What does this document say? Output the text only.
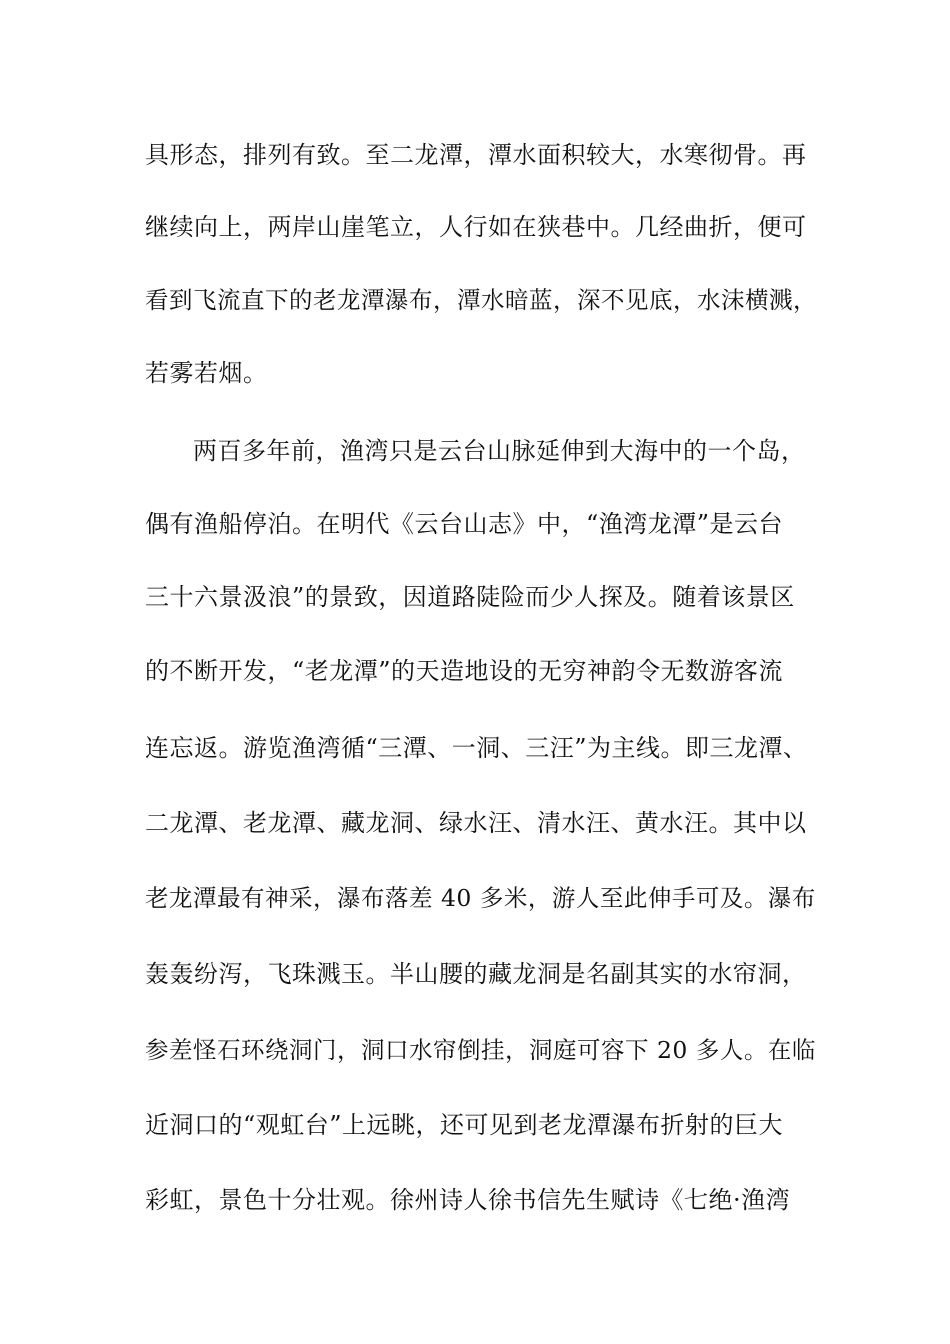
具形态，排列有致。至二龙潭，潭水面积较大，水寒彻骨。再
继续向上，两岸山崖笔立，人行如在狭巷中。几经曲折，便可
看到飞流直下的老龙潭瀑布，潭水暗蓝，深不见底，水沫横溅，
若雾若烟。
两百多年前，渔湾只是云台山脉延伸到大海中的一个岛，
偶有渔船停泊。在明代《云台山志》中，“渔湾龙潭”是云台
三十六景汲浪”的景致，因道路陡险而少人探及。随着该景区
的不断开发，“老龙潭”的天造地设的无穷神韵令无数游客流
连忘返。游览渔湾循“三潭、一洞、三汪”为主线。即三龙潭、
二龙潭、老龙潭、藏龙洞、绿水汪、清水汪、黄水汪。其中以
老龙潭最有神采，瀑布落差 40 多米，游人至此伸手可及。瀑布
轰轰纷泻，飞珠溅玉。半山腰的藏龙洞是名副其实的水帘洞，
参差怪石环绕洞门，洞口水帘倒挂，洞庭可容下 20 多人。在临
近洞口的“观虹台”上远眺，还可见到老龙潭瀑布折射的巨大
彩虹，景色十分壮观。徐州诗人徐书信先生赋诗《七绝·渔湾
